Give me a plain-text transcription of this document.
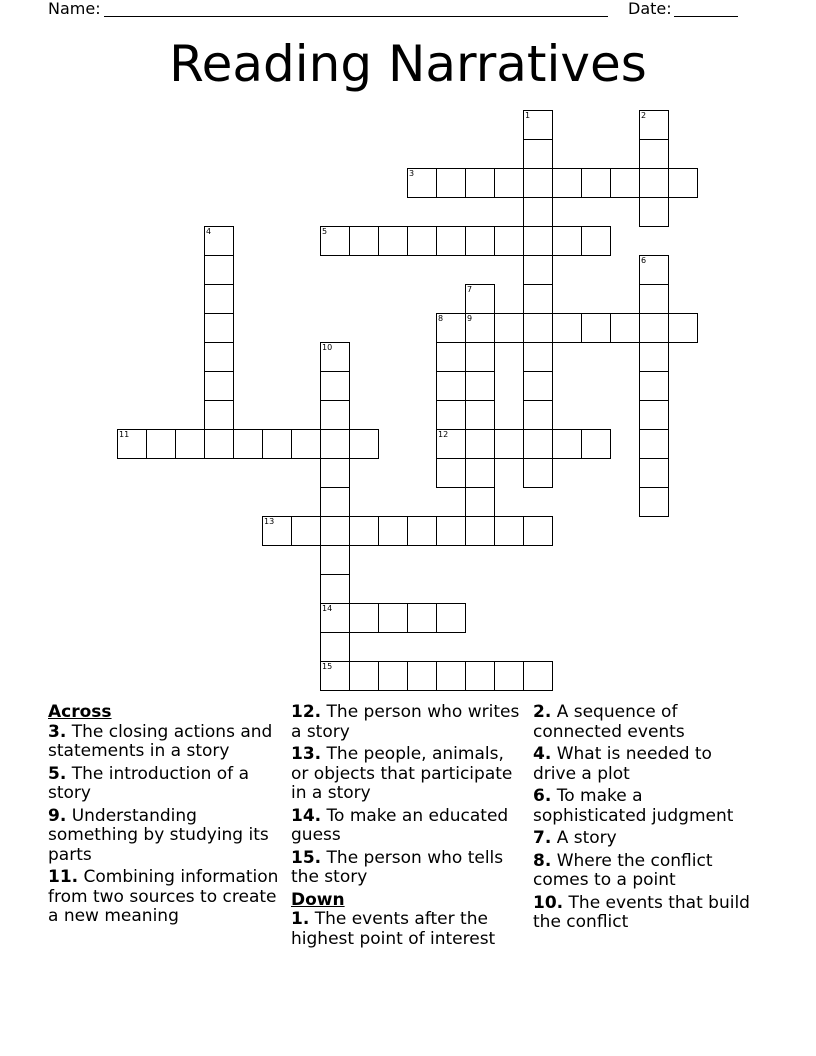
Name:	Date:
Reading Narratives
1	2
3
4	5
6
7
8	9
10
11	12
13
14
15
Across
3. The closing actions and statements in a story
5. The introduction of a story
9. Understanding something by studying its parts
11. Combining information from two sources to create a new meaning
12. The person who writes a story
13. The people, animals, or objects that participate in a story
14. To make an educated guess
15. The person who tells the story
Down
1. The events after the highest point of interest
2. A sequence of connected events
4. What is needed to drive a plot
6. To make a sophisticated judgment
7. A story
8. Where the conflict comes to a point
10. The events that build the conflict
